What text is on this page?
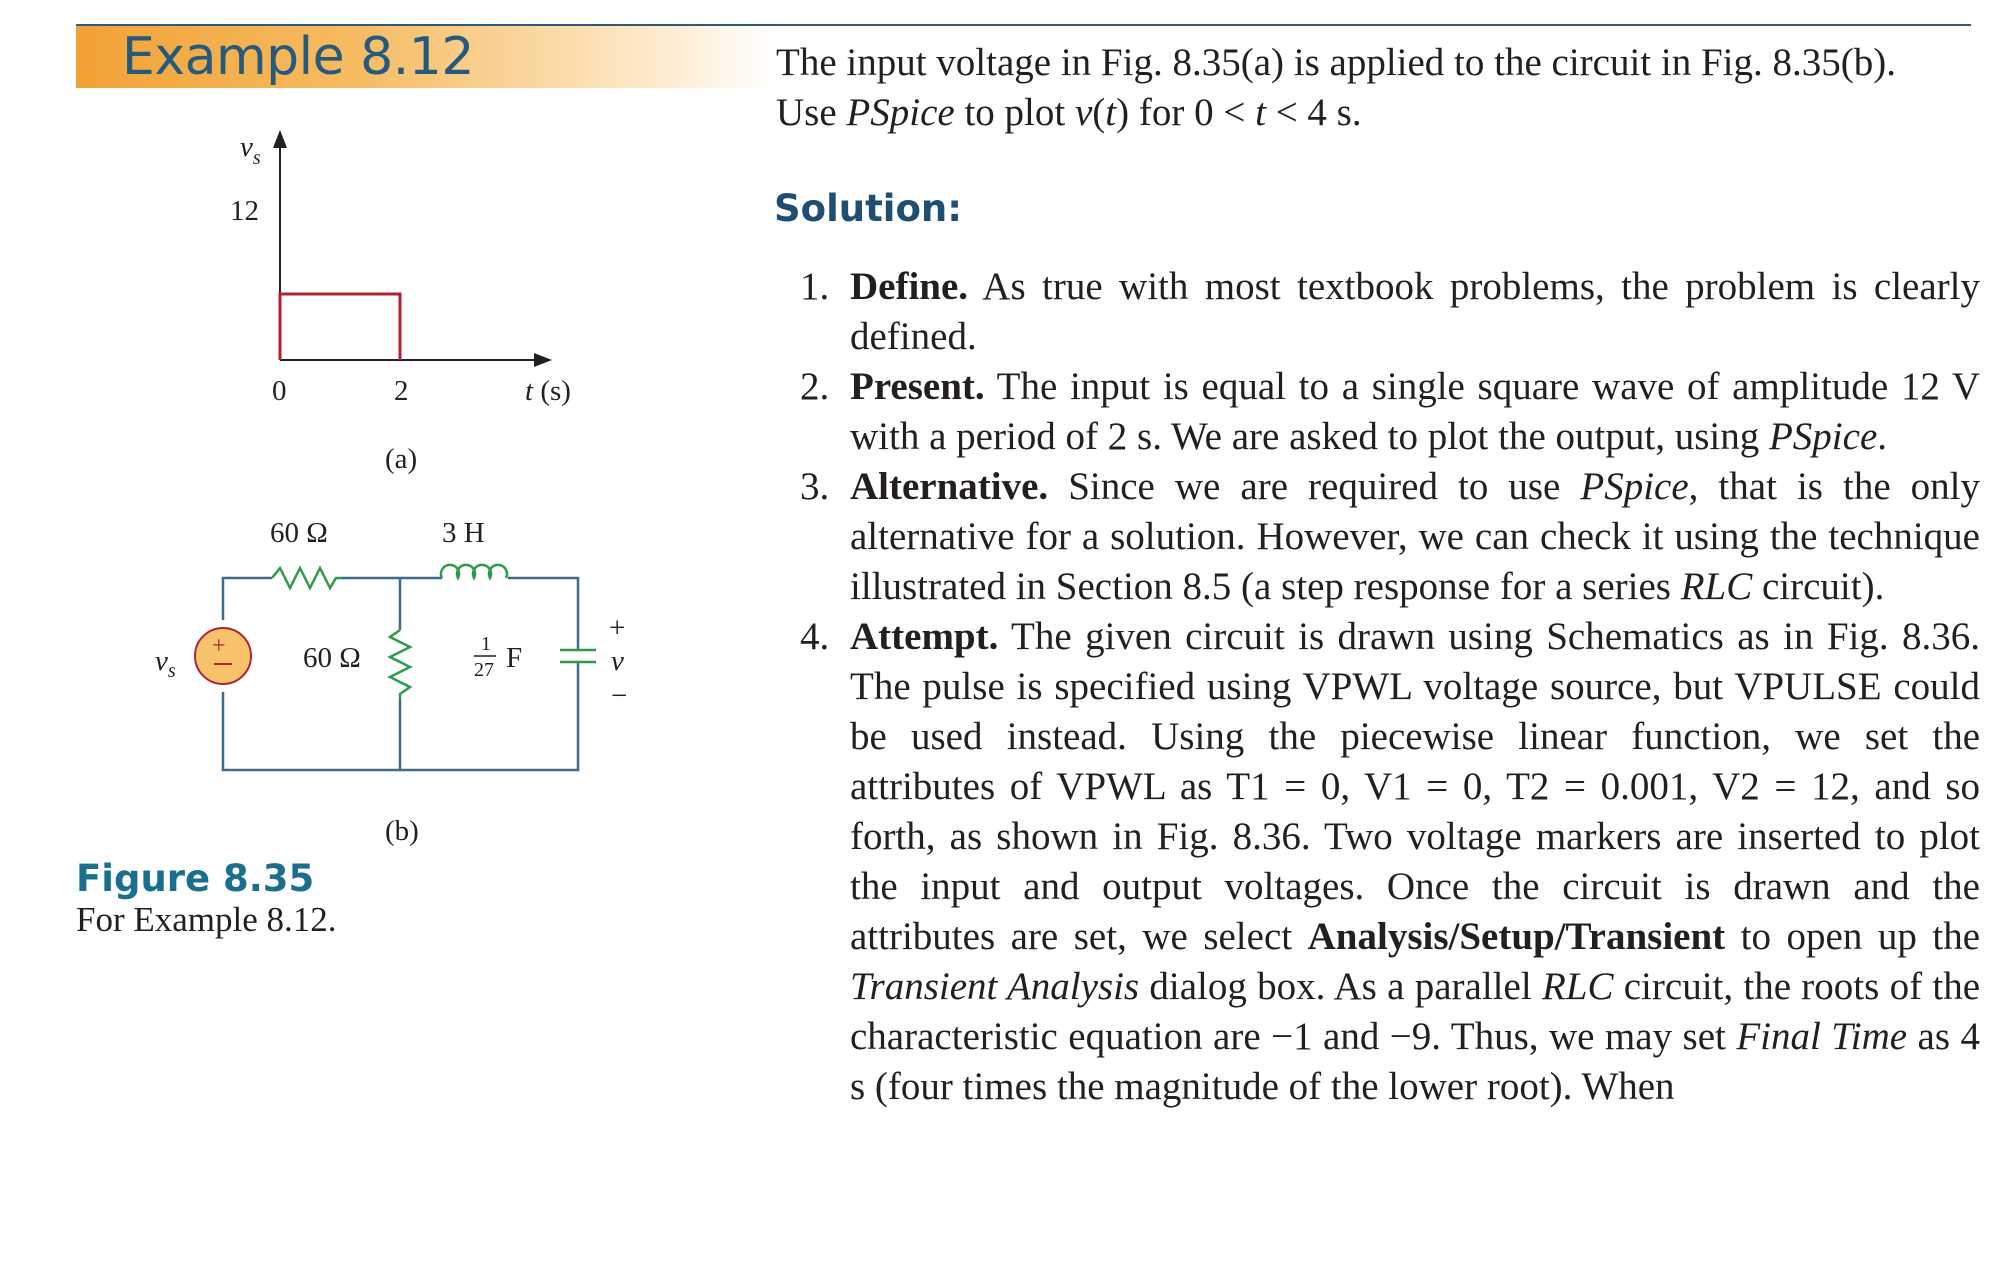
Example 8.12	The input voltage in Fig. 8.35(a) is applied to the circuit in Fig. 8.35(b).

Use PSpice to plot v(t) for 0 < t < 4 s.

Solution:
1. Define. As true with most textbook problems, the problem is clearly defined.
2. Present. The input is equal to a single square wave of amplitude 12 V with a period of 2 s. We are asked to plot the output, using PSpice.
3. Alternative. Since we are required to use PSpice, that is the only alternative for a solution. However, we can check it using the technique illustrated in Section 8.5 (a step response for a series RLC circuit).
4. Attempt. The given circuit is drawn using Schematics as in Fig. 8.36. The pulse is specified using VPWL voltage source, but VPULSE could be used instead. Using the piecewise linear function, we set the attributes of VPWL as T1 = 0, V1 = 0, T2 = 0.001, V2 = 12, and so forth, as shown in Fig. 8.36. Two voltage markers are inserted to plot the input and output voltages. Once the circuit is drawn and the attributes are set, we select Analysis/Setup/Transient to open up the Transient Analysis dialog box. As a parallel RLC circuit, the roots of the characteristic equation are −1 and −9. Thus, we may set Final Time as 4 s (four times the magnitude of the lower root). When
$v_s$
12
0	2	t (s)
(a)
+
60 Ω	3 H
60 Ω	1
27 F
$v_s$
+
v
−
(b)
Figure 8.35
For Example 8.12.
